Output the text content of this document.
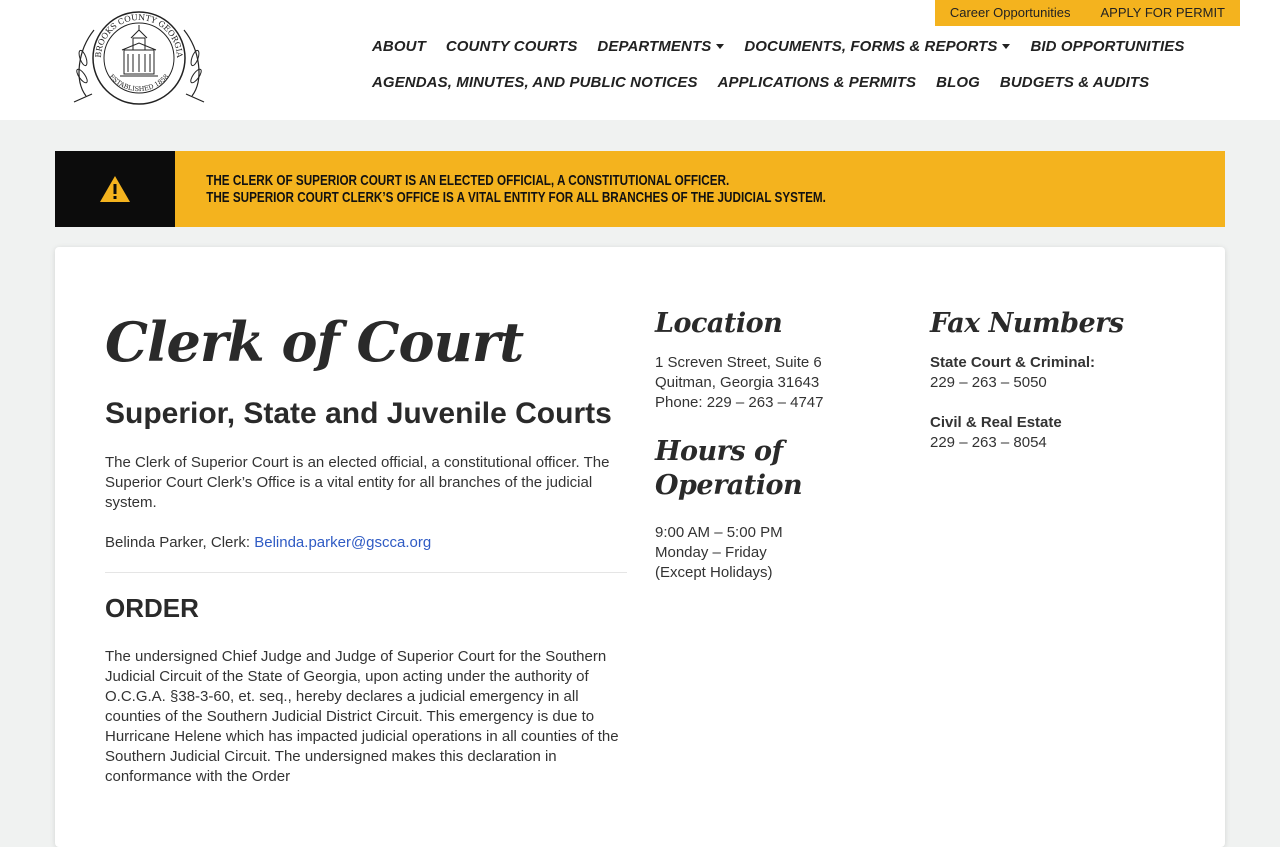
BROOKS COUNTY GEORGIA
ESTABLISHED 1858
Career Opportunities	APPLY FOR PERMIT
ABOUT COUNTY COURTS DEPARTMENTS	DOCUMENTS, FORMS & REPORTS	BID OPPORTUNITIES
AGENDAS, MINUTES, AND PUBLIC NOTICES APPLICATIONS & PERMITS BLOG BUDGETS & AUDITS
THE CLERK OF SUPERIOR COURT IS AN ELECTED OFFICIAL, A CONSTITUTIONAL OFFICER.
THE SUPERIOR COURT CLERK’S OFFICE IS A VITAL ENTITY FOR ALL BRANCHES OF THE JUDICIAL SYSTEM.
Clerk of Court
Superior, State and Juvenile Courts

The Clerk of Superior Court is an elected official, a constitutional officer. The Superior Court Clerk’s Office is a vital entity for all branches of the judicial system.

Belinda Parker, Clerk: Belinda.parker@gscca.org

ORDER

The undersigned Chief Judge and Judge of Superior Court for the Southern Judicial Circuit of the State of Georgia, upon acting under the authority of O.C.G.A. §38-3-60, et. seq., hereby declares a judicial emergency in all counties of the Southern Judicial District Circuit. This emergency is due to Hurricane Helene which has impacted judicial operations in all counties of the Southern Judicial Circuit. The undersigned makes this declaration in conformance with the Order

Location

1 Screven Street, Suite 6

Quitman, Georgia 31643

Phone: 229 – 263 – 4747

Hours of Operation

9:00 AM – 5:00 PM

Monday – Friday

(Except Holidays)

Fax Numbers

State Court & Criminal:

229 – 263 – 5050

Civil & Real Estate

229 – 263 – 8054
